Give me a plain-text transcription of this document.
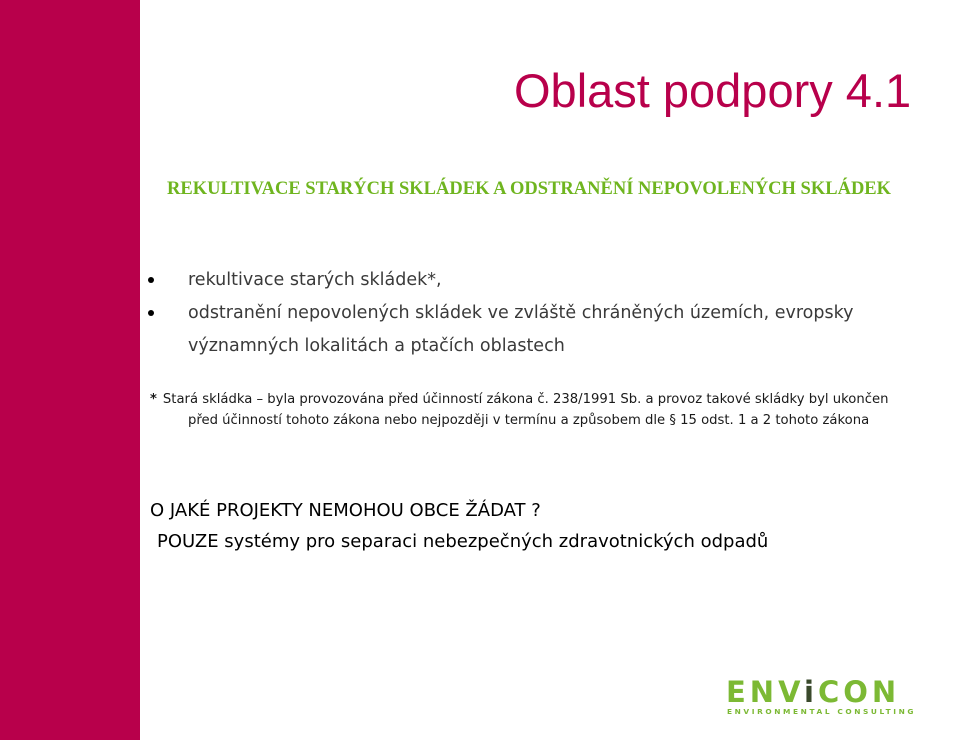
Oblast podpory 4.1

REKULTIVACE STARÝCH SKLÁDEK A ODSTRANĚNÍ NEPOVOLENÝCH SKLÁDEK

rekultivace starých skládek*,
odstranění nepovolených skládek ve zvláště chráněných územích, evropsky významných lokalitách a ptačích oblastech
* Stará skládka – byla provozována před účinností zákona č. 238/1991 Sb. a provoz takové skládky byl ukončen
před účinností tohoto zákona nebo nejpozději v termínu a způsobem dle § 15 odst. 1 a 2 tohoto zákona

O JAKÉ PROJEKTY NEMOHOU OBCE ŽÁDAT ?

POUZE systémy pro separaci nebezpečných zdravotnických odpadů

ENViCON
ENVIRONMENTAL CONSULTING
